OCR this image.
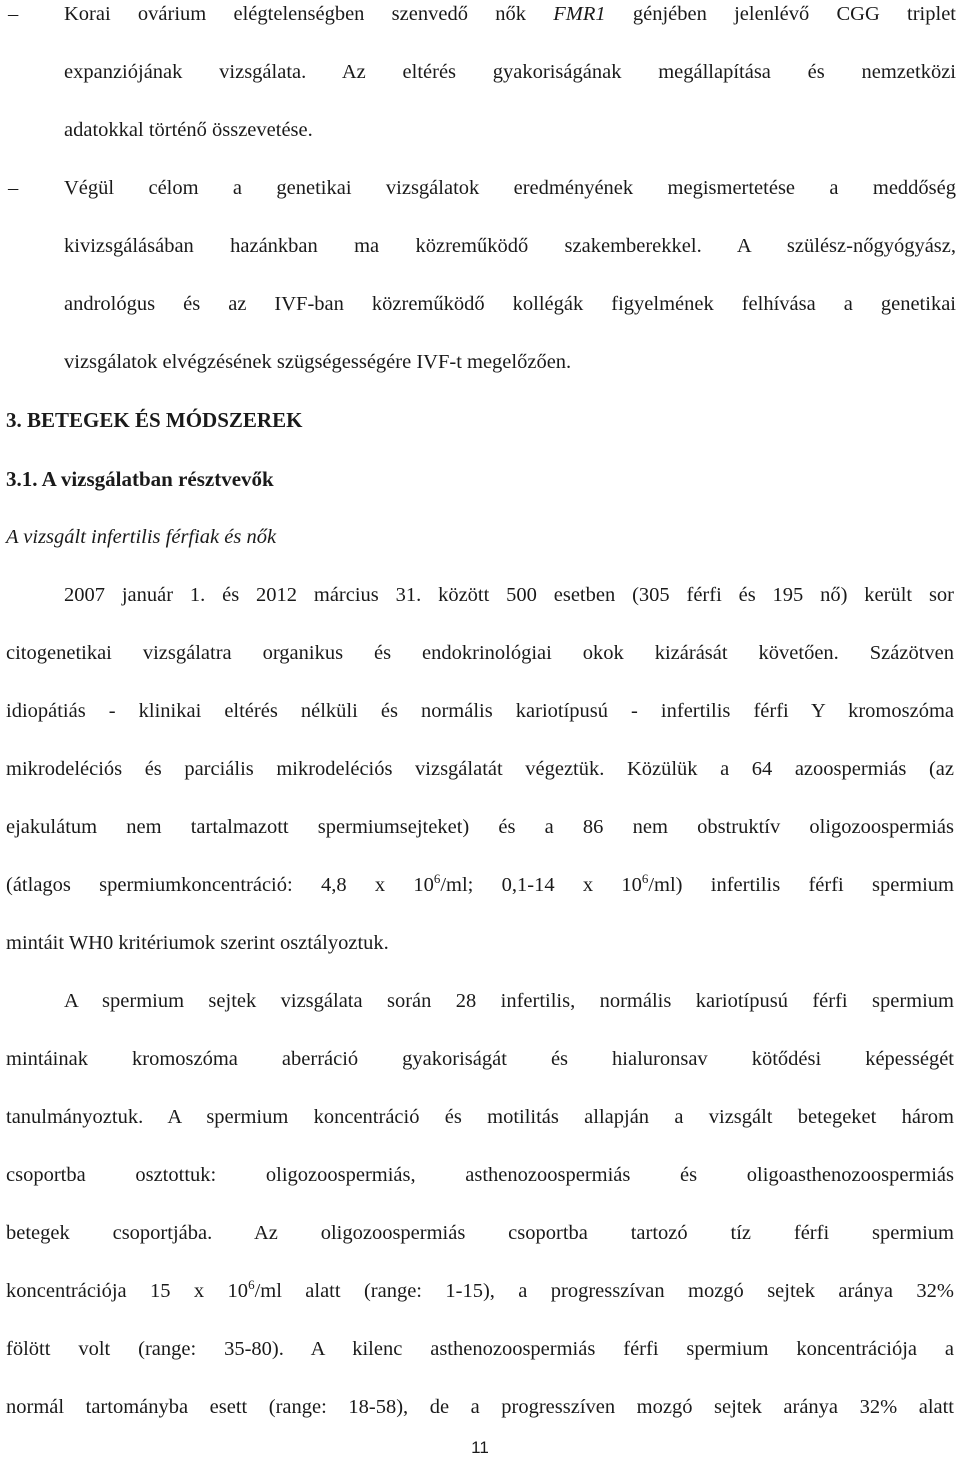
–	Korai ovárium elégtelenségben szenvedő nők FMR1 génjében jelenlévő CGG triplet
expanziójának vizsgálata. Az eltérés gyakoriságának megállapítása és nemzetközi
adatokkal történő összevetése.
–	Végül célom a genetikai vizsgálatok eredményének megismertetése a meddőség
kivizsgálásában hazánkban ma közreműködő szakemberekkel. A szülész-nőgyógyász,
andrológus és az IVF-ban közreműködő kollégák figyelmének felhívása a genetikai
vizsgálatok elvégzésének szügségességére IVF-t megelőzően.
3. BETEGEK ÉS MÓDSZEREK
3.1. A vizsgálatban résztvevők
A vizsgált infertilis férfiak és nők
2007 január 1. és 2012 március 31. között 500 esetben (305 férfi és 195 nő) került sor
citogenetikai vizsgálatra organikus és endokrinológiai okok kizárását követően. Százötven
idiopátiás - klinikai eltérés nélküli és normális kariotípusú - infertilis férfi Y kromoszóma
mikrodeléciós és parciális mikrodeléciós vizsgálatát végeztük. Közülük a 64 azoospermiás (az
ejakulátum nem tartalmazott spermiumsejteket) és a 86 nem obstruktív oligozoospermiás
(átlagos spermiumkoncentráció: 4,8 x $10^6/ml$; 0,1-14 x $10^6/ml$) infertilis férfi spermium
mintáit WH0 kritériumok szerint osztályoztuk.
A spermium sejtek vizsgálata során 28 infertilis, normális kariotípusú férfi spermium
mintáinak kromoszóma aberráció gyakoriságát és hialuronsav kötődési képességét
tanulmányoztuk. A spermium koncentráció és motilitás allapján a vizsgált betegeket három
csoportba osztottuk: oligozoospermiás, asthenozoospermiás és oligoasthenozoospermiás
betegek csoportjába. Az oligozoospermiás csoportba tartozó tíz férfi spermium
koncentrációja 15 x $10^6/ml$ alatt (range: 1-15), a progresszívan mozgó sejtek aránya 32%
fölött volt (range: 35-80). A kilenc asthenozoospermiás férfi spermium koncentrációja a
normál tartományba esett (range: 18-58), de a progresszíven mozgó sejtek aránya 32% alatt
11
